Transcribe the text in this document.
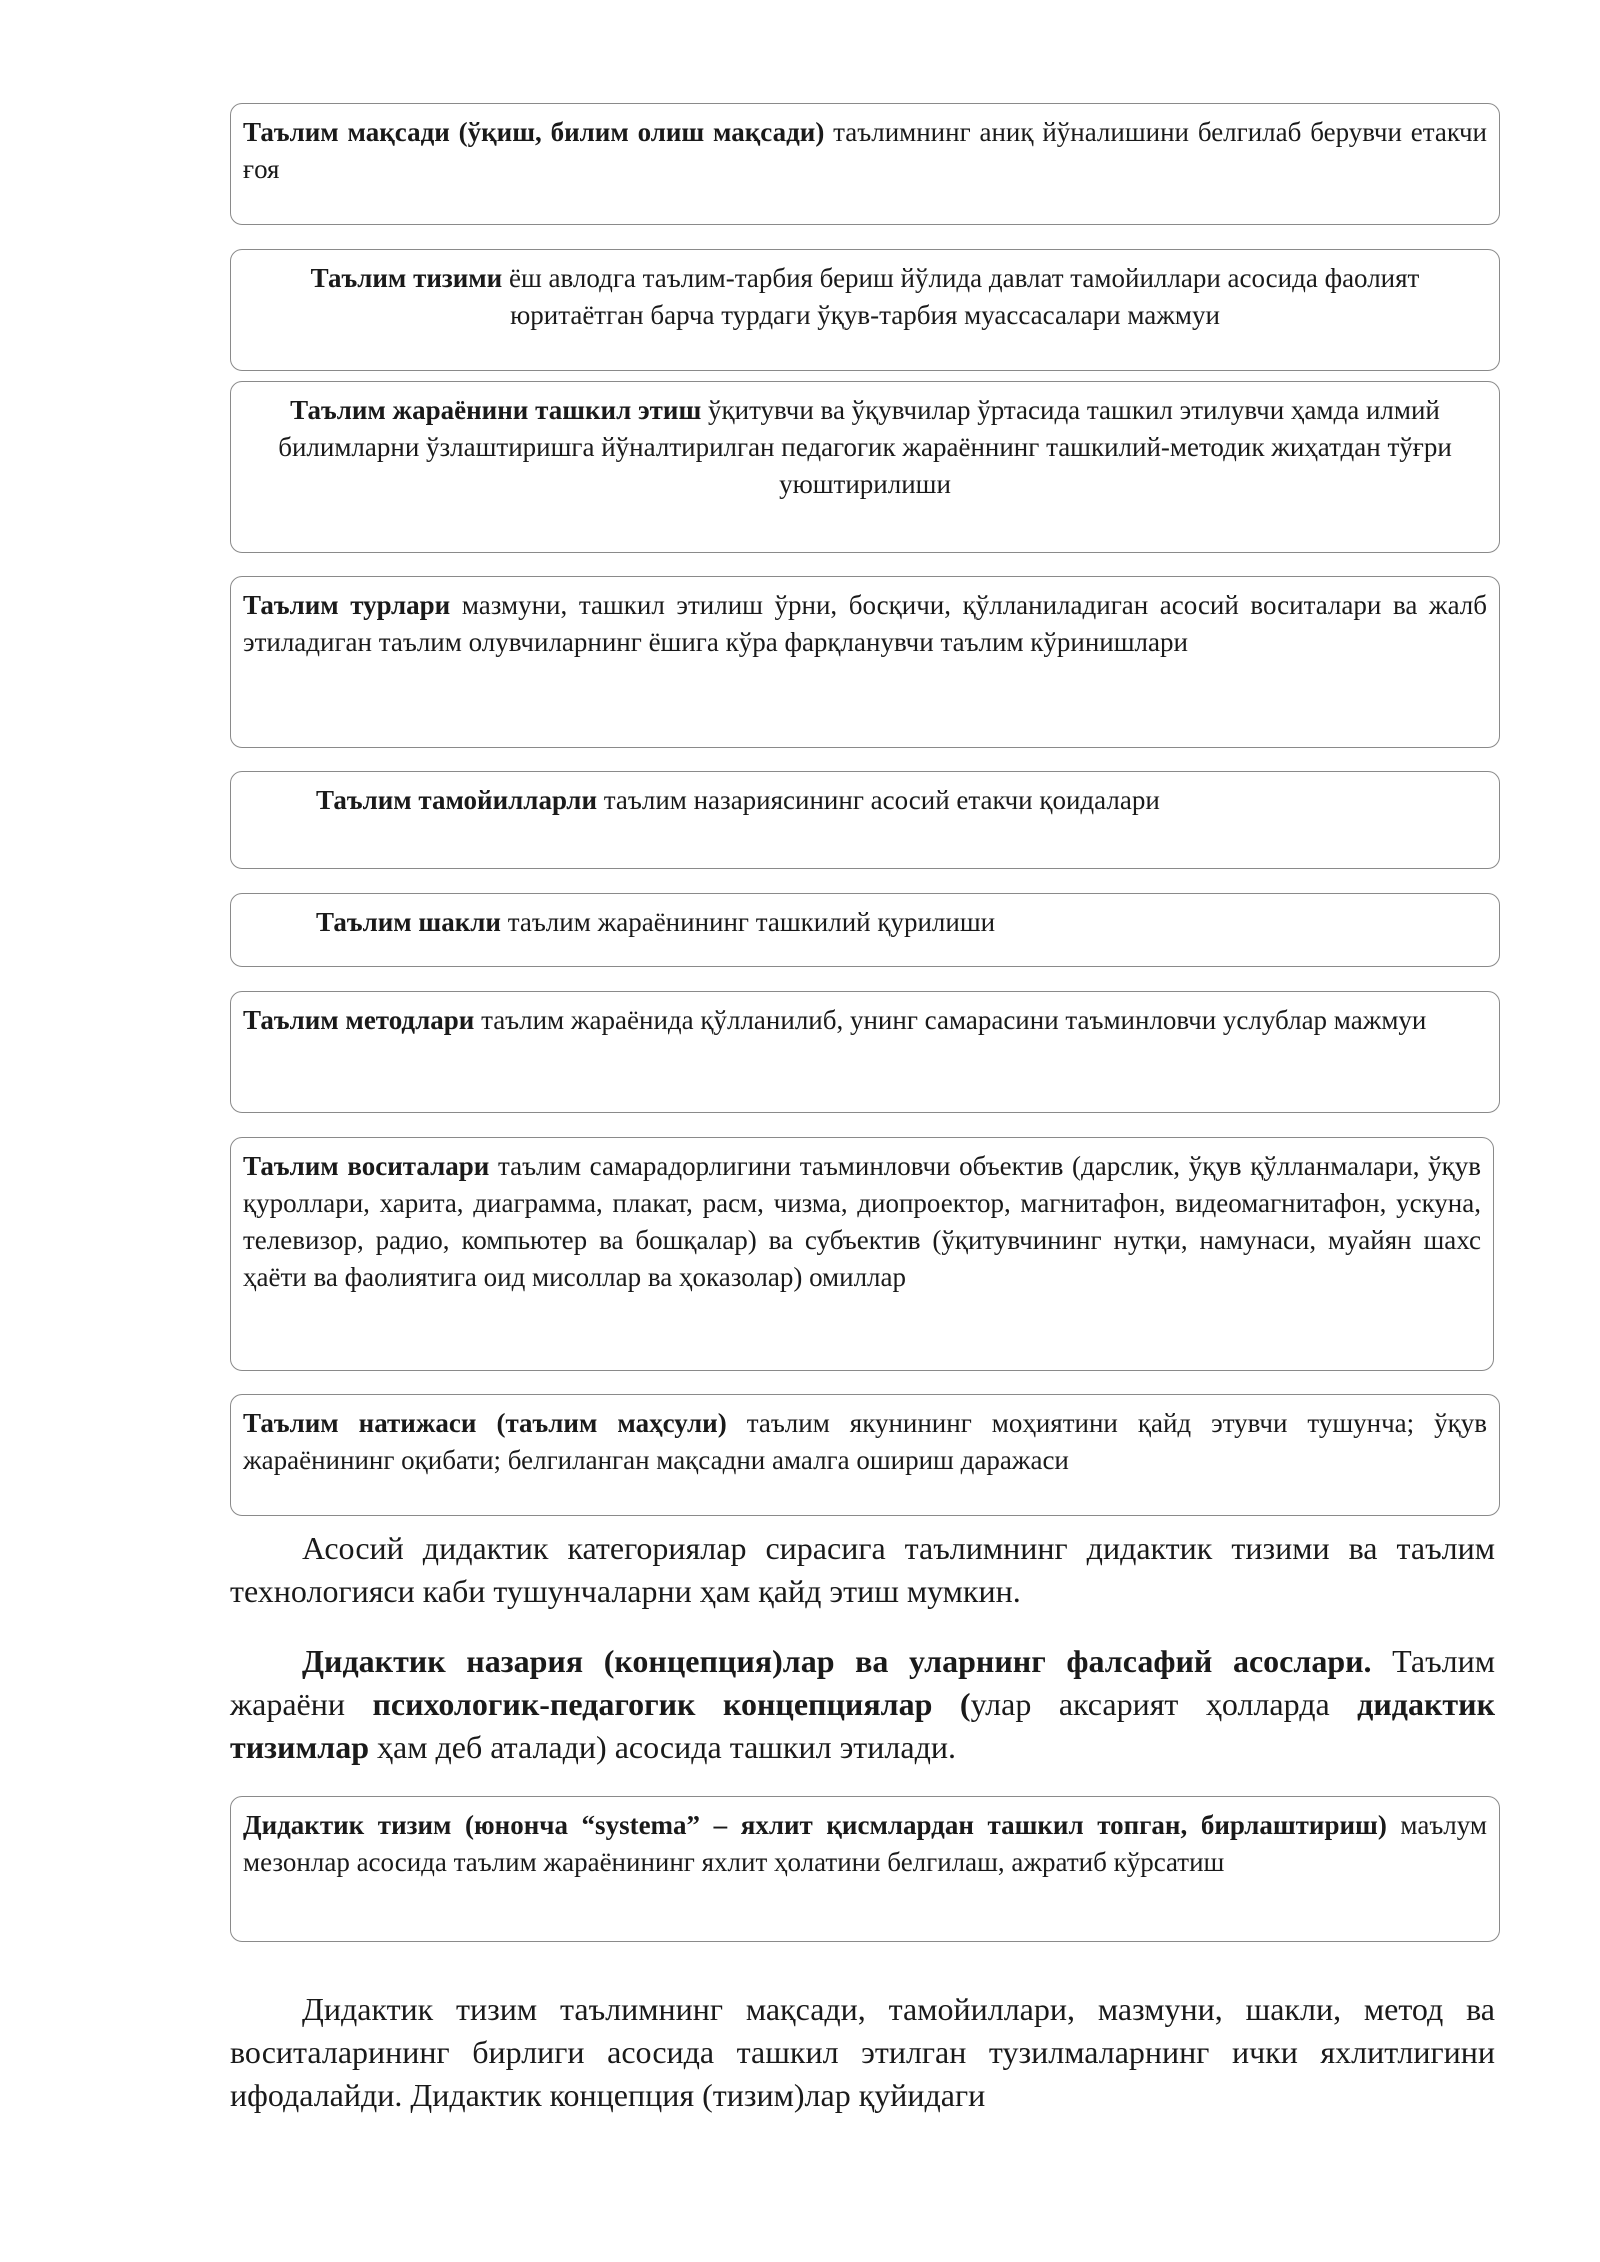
Таълим мақсади (ўқиш, билим олиш мақсади) таълимнинг аниқ йўналишини белгилаб берувчи етакчи ғоя
Таълим тизими ёш авлодга таълим-тарбия бериш йўлида давлат тамойиллари асосида фаолият юритаётган барча турдаги ўқув-тарбия муассасалари мажмуи
Таълим жараёнини ташкил этиш ўқитувчи ва ўқувчилар ўртасида ташкил этилувчи ҳамда илмий билимларни ўзлаштиришга йўналтирилган педагогик жараённинг ташкилий-методик жиҳатдан тўғри уюштирилиши
Таълим турлари мазмуни, ташкил этилиш ўрни, босқичи, қўлланиладиган асосий воситалари ва жалб этиладиган таълим олувчиларнинг ёшига кўра фарқланувчи таълим кўринишлари
Таълим тамойилларли таълим назариясининг асосий етакчи қоидалари
Таълим шакли таълим жараёнининг ташкилий қурилиши
Таълим методлари таълим жараёнида қўлланилиб, унинг самарасини таъминловчи услублар мажмуи
Таълим воситалари таълим самарадорлигини таъминловчи объектив (дарслик, ўқув қўлланмалари, ўқув қуроллари, харита, диаграмма, плакат, расм, чизма, диопроектор, магнитафон, видеомагнитафон, ускуна, телевизор, радио, компьютер ва бошқалар) ва субъектив (ўқитувчининг нутқи, намунаси, муайян шахс ҳаёти ва фаолиятига оид мисоллар ва ҳоказолар) омиллар
Таълим натижаси (таълим маҳсули) таълим якунининг моҳиятини қайд этувчи тушунча; ўқув жараёнининг оқибати; белгиланган мақсадни амалга ошириш даражаси

Асосий дидактик категориялар сирасига таълимнинг дидактик тизими ва таълим технологияси каби тушунчаларни ҳам қайд этиш мумкин.

Дидактик назария (концепция)лар ва уларнинг фалсафий асослари. Таълим жараёни психологик-педагогик концепциялар (улар аксарият ҳолларда дидактик тизимлар ҳам деб аталади) асосида ташкил этилади.

Дидактик тизим (юнонча “systema” – яхлит қисмлардан ташкил топган, бирлаштириш) маълум мезонлар асосида таълим жараёнининг яхлит ҳолатини белгилаш, ажратиб кўрсатиш

Дидактик тизим таълимнинг мақсади, тамойиллари, мазмуни, шакли, метод ва воситаларининг бирлиги асосида ташкил этилган тузилмаларнинг ички яхлитлигини ифодалайди. Дидактик концепция (тизим)лар қуйидаги
